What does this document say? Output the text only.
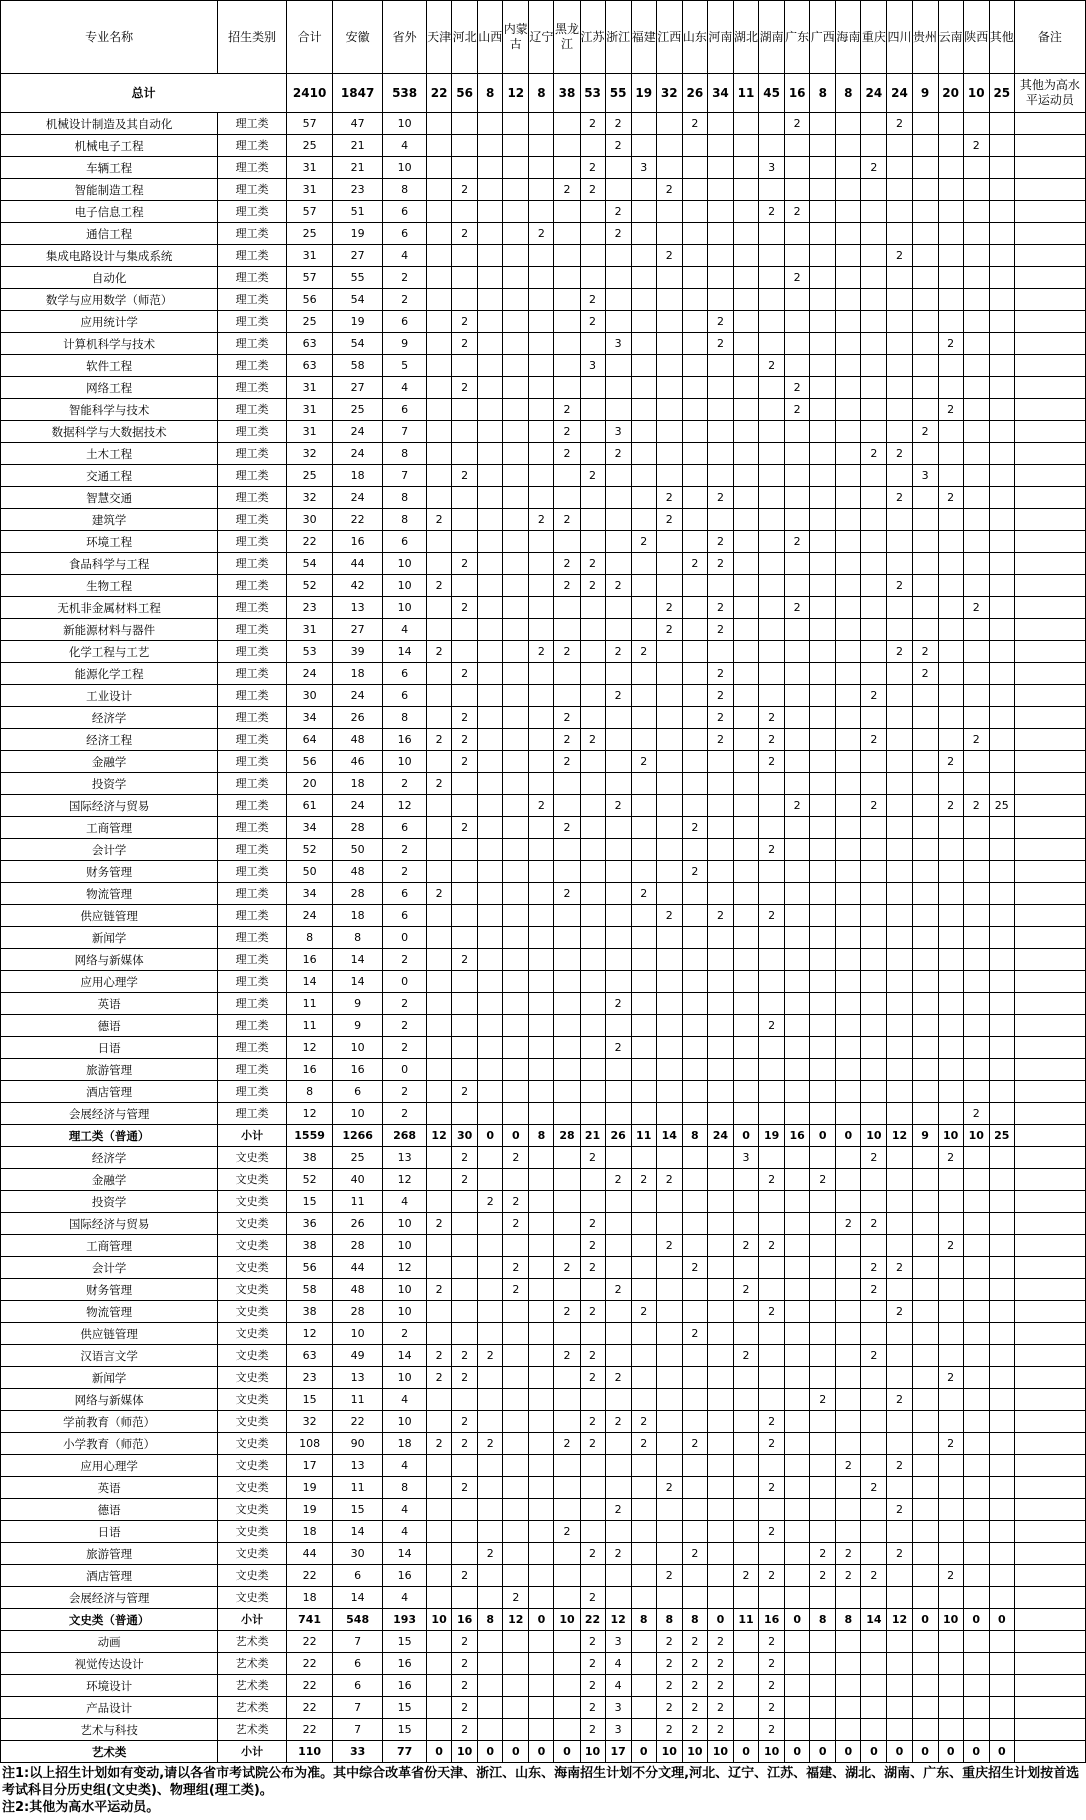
专业名称	招生类别	合计	安徽	省外	天津	河北	山西	内蒙古	辽宁	黑龙江	江苏	浙江	福建	江西	山东	河南	湖北	湖南	广东	广西	海南	重庆	四川	贵州	云南	陕西	其他	备注
总计		2410	1847	538	22	56	8	12	8	38	53	55	19	32	26	34	11	45	16	8	8	24	24	9	20	10	25	其他为高水平运动员
机械设计制造及其自动化	理工类	57	47	10							2	2			2				2				2					
机械电子工程	理工类	25	21	4								2														2		
车辆工程	理工类	31	21	10							2		3					3				2						
智能制造工程	理工类	31	23	8		2				2	2			2														
电子信息工程	理工类	57	51	6								2						2	2									
通信工程	理工类	25	19	6		2			2			2																
集成电路设计与集成系统	理工类	31	27	4										2									2					
自动化	理工类	57	55	2															2									
数学与应用数学（师范）	理工类	56	54	2							2																	
应用统计学	理工类	25	19	6		2					2					2												
计算机科学与技术	理工类	63	54	9		2						3				2									2			
软件工程	理工类	63	58	5							3							2										
网络工程	理工类	31	27	4		2													2									
智能科学与技术	理工类	31	25	6						2									2						2			
数据科学与大数据技术	理工类	31	24	7						2		3												2				
土木工程	理工类	32	24	8						2		2										2	2					
交通工程	理工类	25	18	7		2					2													3				
智慧交通	理工类	32	24	8										2		2							2		2			
建筑学	理工类	30	22	8	2				2	2				2														
环境工程	理工类	22	16	6									2			2			2									
食品科学与工程	理工类	54	44	10		2				2	2				2	2												
生物工程	理工类	52	42	10	2					2	2	2											2					
无机非金属材料工程	理工类	23	13	10		2								2		2			2							2		
新能源材料与器件	理工类	31	27	4										2		2												
化学工程与工艺	理工类	53	39	14	2				2	2		2	2										2	2				
能源化学工程	理工类	24	18	6		2										2								2				
工业设计	理工类	30	24	6								2				2						2						
经济学	理工类	34	26	8		2				2						2		2										
经济工程	理工类	64	48	16	2	2				2	2					2		2				2				2		
金融学	理工类	56	46	10		2				2			2					2							2			
投资学	理工类	20	18	2	2																							
国际经济与贸易	理工类	61	24	12					2			2							2			2			2	2	25	
工商管理	理工类	34	28	6		2				2					2													
会计学	理工类	52	50	2														2										
财务管理	理工类	50	48	2											2													
物流管理	理工类	34	28	6	2					2			2															
供应链管理	理工类	24	18	6										2		2		2										
新闻学	理工类	8	8	0																								
网络与新媒体	理工类	16	14	2		2																						
应用心理学	理工类	14	14	0																								
英语	理工类	11	9	2								2																
德语	理工类	11	9	2														2										
日语	理工类	12	10	2								2																
旅游管理	理工类	16	16	0																								
酒店管理	理工类	8	6	2		2																						
会展经济与管理	理工类	12	10	2																						2		
理工类（普通）	小计	1559	1266	268	12	30	0	0	8	28	21	26	11	14	8	24	0	19	16	0	0	10	12	9	10	10	25	
经济学	文史类	38	25	13		2		2			2						3					2			2			
金融学	文史类	52	40	12		2						2	2	2				2		2								
投资学	文史类	15	11	4			2	2																				
国际经济与贸易	文史类	36	26	10	2			2			2										2	2						
工商管理	文史类	38	28	10							2			2			2	2							2			
会计学	文史类	56	44	12				2		2	2				2							2	2					
财务管理	文史类	58	48	10	2			2				2					2					2						
物流管理	文史类	38	28	10						2	2		2					2					2					
供应链管理	文史类	12	10	2											2													
汉语言文学	文史类	63	49	14	2	2	2			2	2						2					2						
新闻学	文史类	23	13	10	2	2					2	2													2			
网络与新媒体	文史类	15	11	4																2			2					
学前教育（师范）	文史类	32	22	10		2					2	2	2					2										
小学教育（师范）	文史类	108	90	18	2	2	2			2	2		2		2			2							2			
应用心理学	文史类	17	13	4																	2		2					
英语	文史类	19	11	8		2								2				2				2						
德语	文史类	19	15	4								2											2					
日语	文史类	18	14	4						2								2										
旅游管理	文史类	44	30	14			2				2	2			2					2	2		2					
酒店管理	文史类	22	6	16		2								2			2	2		2	2	2			2			
会展经济与管理	文史类	18	14	4				2			2																	
文史类（普通）	小计	741	548	193	10	16	8	12	0	10	22	12	8	8	8	0	11	16	0	8	8	14	12	0	10	0	0	
动画	艺术类	22	7	15		2					2	3		2	2	2		2										
视觉传达设计	艺术类	22	6	16		2					2	4		2	2	2		2										
环境设计	艺术类	22	6	16		2					2	4		2	2	2		2										
产品设计	艺术类	22	7	15		2					2	3		2	2	2		2										
艺术与科技	艺术类	22	7	15		2					2	3		2	2	2		2										
艺术类	小计	110	33	77	0	10	0	0	0	0	10	17	0	10	10	10	0	10	0	0	0	0	0	0	0	0	0	
注1:以上招生计划如有变动,请以各省市考试院公布为准。其中综合改革省份天津、浙江、山东、海南招生计划不分文理,河北、辽宁、江苏、福建、湖北、湖南、广东、重庆招生计划按首选考试科目分历史组(文史类)、物理组(理工类)。
注2:其他为高水平运动员。
